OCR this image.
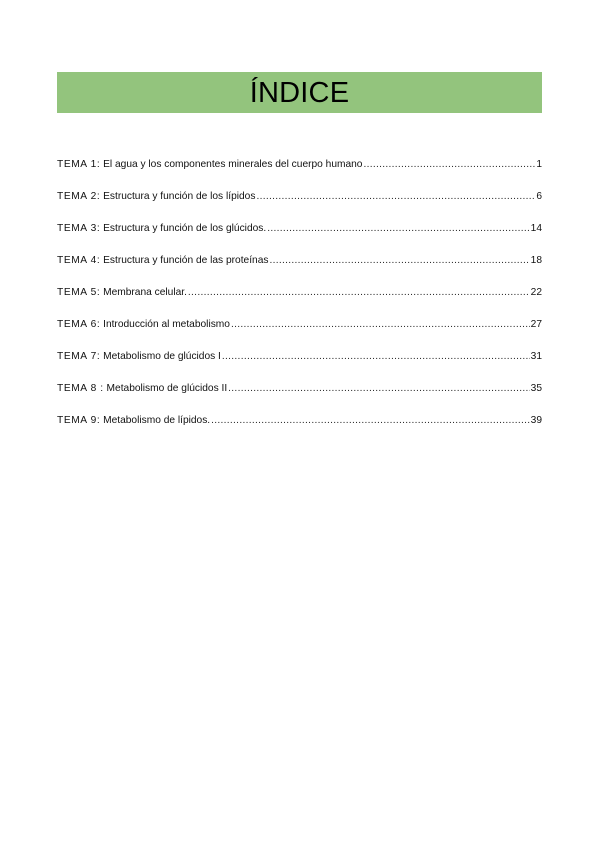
ÍNDICE
TEMA 1: El agua y los componentes minerales del cuerpo humano .....	1
TEMA 2: Estructura y función de los lípidos .....	6
TEMA 3: Estructura y función de los glúcidos. .....	14
TEMA 4: Estructura y función de las proteínas .....	18
TEMA 5: Membrana celular. .....	22
TEMA 6: Introducción al metabolismo .....	27
TEMA 7: Metabolismo de glúcidos I .....	31
TEMA 8 : Metabolismo de glúcidos II .....	35
TEMA 9: Metabolismo de lípidos. .....	39
